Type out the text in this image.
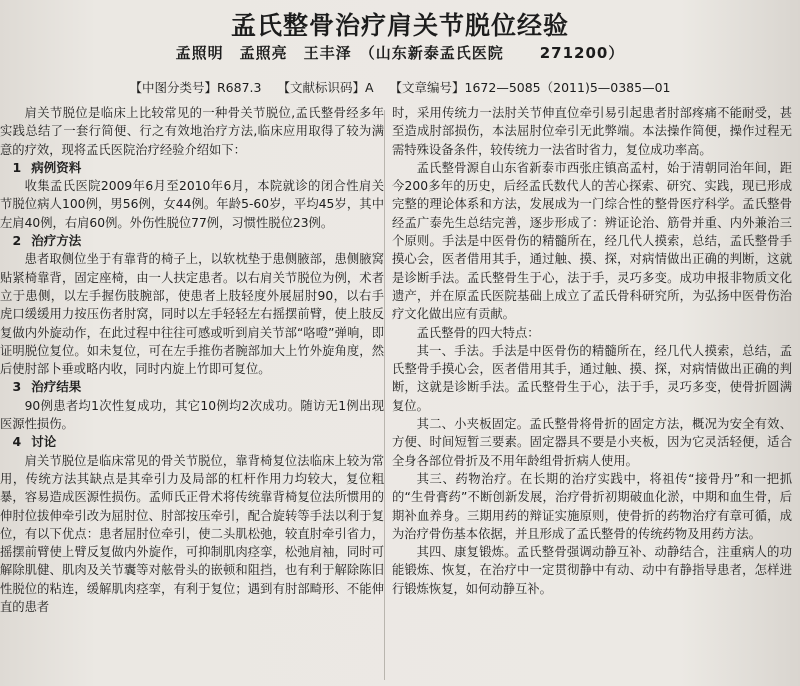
孟氏整骨治疗肩关节脱位经验
孟照明　孟照亮　王丰泽 （山东新泰孟氏医院 271200）
【中图分类号】R687.3 【文献标识码】A 【文章编号】1672—5085（2011)5—0385—01

肩关节脱位是临床上比较常见的一种骨关节脱位,孟氏整骨经多年实践总结了一套行简便、行之有效地治疗方法,临床应用取得了较为满意的疗效，现将孟氏医院治疗经验介绍如下：

1 病例资料

收集孟氏医院2009年6月至2010年6月，本院就诊的闭合性肩关节脱位病人100例，男56例，女44例。年龄5-60岁，平均45岁，其中左肩40例，右肩60例。外伤性脱位77例，习惯性脱位23例。

2 治疗方法

患者取侧位坐于有靠背的椅子上，以软枕垫于患侧腋部，患侧腋窝贴紧椅靠背，固定座椅，由一人扶定患者。以右肩关节脱位为例，术者立于患侧，以左手握伤肢腕部，使患者上肢轻度外展屈肘90，以右手虎口缓缓用力按压伤者肘窝，同时以左手轻轻左右摇摆前臂，使上肢反复做内外旋动作，在此过程中往往可感或听到肩关节部“咯噔”弹响，即证明脱位复位。如未复位，可在左手推伤者腕部加大上竹外旋角度，然后使肘部卜垂或略内收，同时内旋上竹即可复位。

3 治疗结果

90例患者均1次性复成功，其它10例均2次成功。随访无1例出现医源性损伤。

4 讨论

肩关节脱位是临床常见的骨关节脱位，靠背椅复位法临床上较为常用，传统方法其缺点是其牵引力及局部的杠杆作用力均较大，复位粗暴，容易造成医源性损伤。孟师氏正骨术将传统靠背椅复位法所惯用的伸肘位拔伸牵引改为屈肘位、肘部按压牵引，配合旋转等手法以利于复位，有以下优点：患者屈肘位牵引，使二头肌松弛，较直肘牵引省力，摇摆前臂使上臂反复做内外旋作，可抑制肌肉痉挛，松弛肩袖，同时可解除肌健、肌肉及关节囊等对舷骨头的嵌顿和阻挡，也有利于解除陈旧性脱位的粘连，缓解肌肉痉挛，有利于复位；遇到有肘部畸形、不能伸直的患者

时，采用传统力一法肘关节伸直位牵引易引起患者肘部疼痛不能耐受，甚至造成肘部损伤，本法屈肘位牵引无此弊端。本法操作简便，操作过程无需特殊设备条件，较传统力一法省时省力，复位成功率高。

孟氏整骨源自山东省新泰市西张庄镇高孟村，始于清朝同治年间，距今200多年的历史，后经孟氏数代人的苦心探索、研究、实践，现已形成完整的理论体系和方法，发展成为一门综合性的整骨医疗科学。孟氏整骨经孟广泰先生总结完善，逐步形成了：辨证论治、筋骨并重、内外兼治三个原则。手法是中医骨伤的精髓所在，经几代人摸索，总结，孟氏整骨手摸心会，医者借用其手，通过触、摸、探，对病情做出正确的判断，这就是诊断手法。孟氏整骨生于心，法于手，灵巧多变。成功申报非物质文化遗产，并在原孟氏医院基础上成立了孟氏骨科研究所，为弘扬中医骨伤治疗文化做出应有贡献。

孟氏整骨的四大特点：

其一、手法。手法是中医骨伤的精髓所在，经几代人摸索，总结，孟氏整骨手摸心会，医者借用其手，通过触、摸、探，对病情做出正确的判断，这就是诊断手法。孟氏整骨生于心，法于手，灵巧多变，使骨折圆满复位。

其二、小夹板固定。孟氏整骨将骨折的固定方法，概况为安全有效、方便、时间短暂三要素。固定器具不要是小夹板，因为它灵活轻便，适合全身各部位骨折及不用年龄组骨折病人使用。

其三、药物治疗。在长期的治疗实践中，将祖传“接骨丹”和一把抓的“生骨膏药”不断创新发展，治疗骨折初期破血化淤，中期和血生骨，后期补血养身。三期用药的辩证实施原则，使骨折的药物治疗有章可循，成为治疗骨伤基本依据，并且形成了孟氏整骨的传统药物及用药方法。

其四、康复锻炼。孟氏整骨强调动静互补、动静结合，注重病人的功能锻炼、恢复，在治疗中一定贯彻静中有动、动中有静指导患者，怎样进行锻炼恢复，如何动静互补。
